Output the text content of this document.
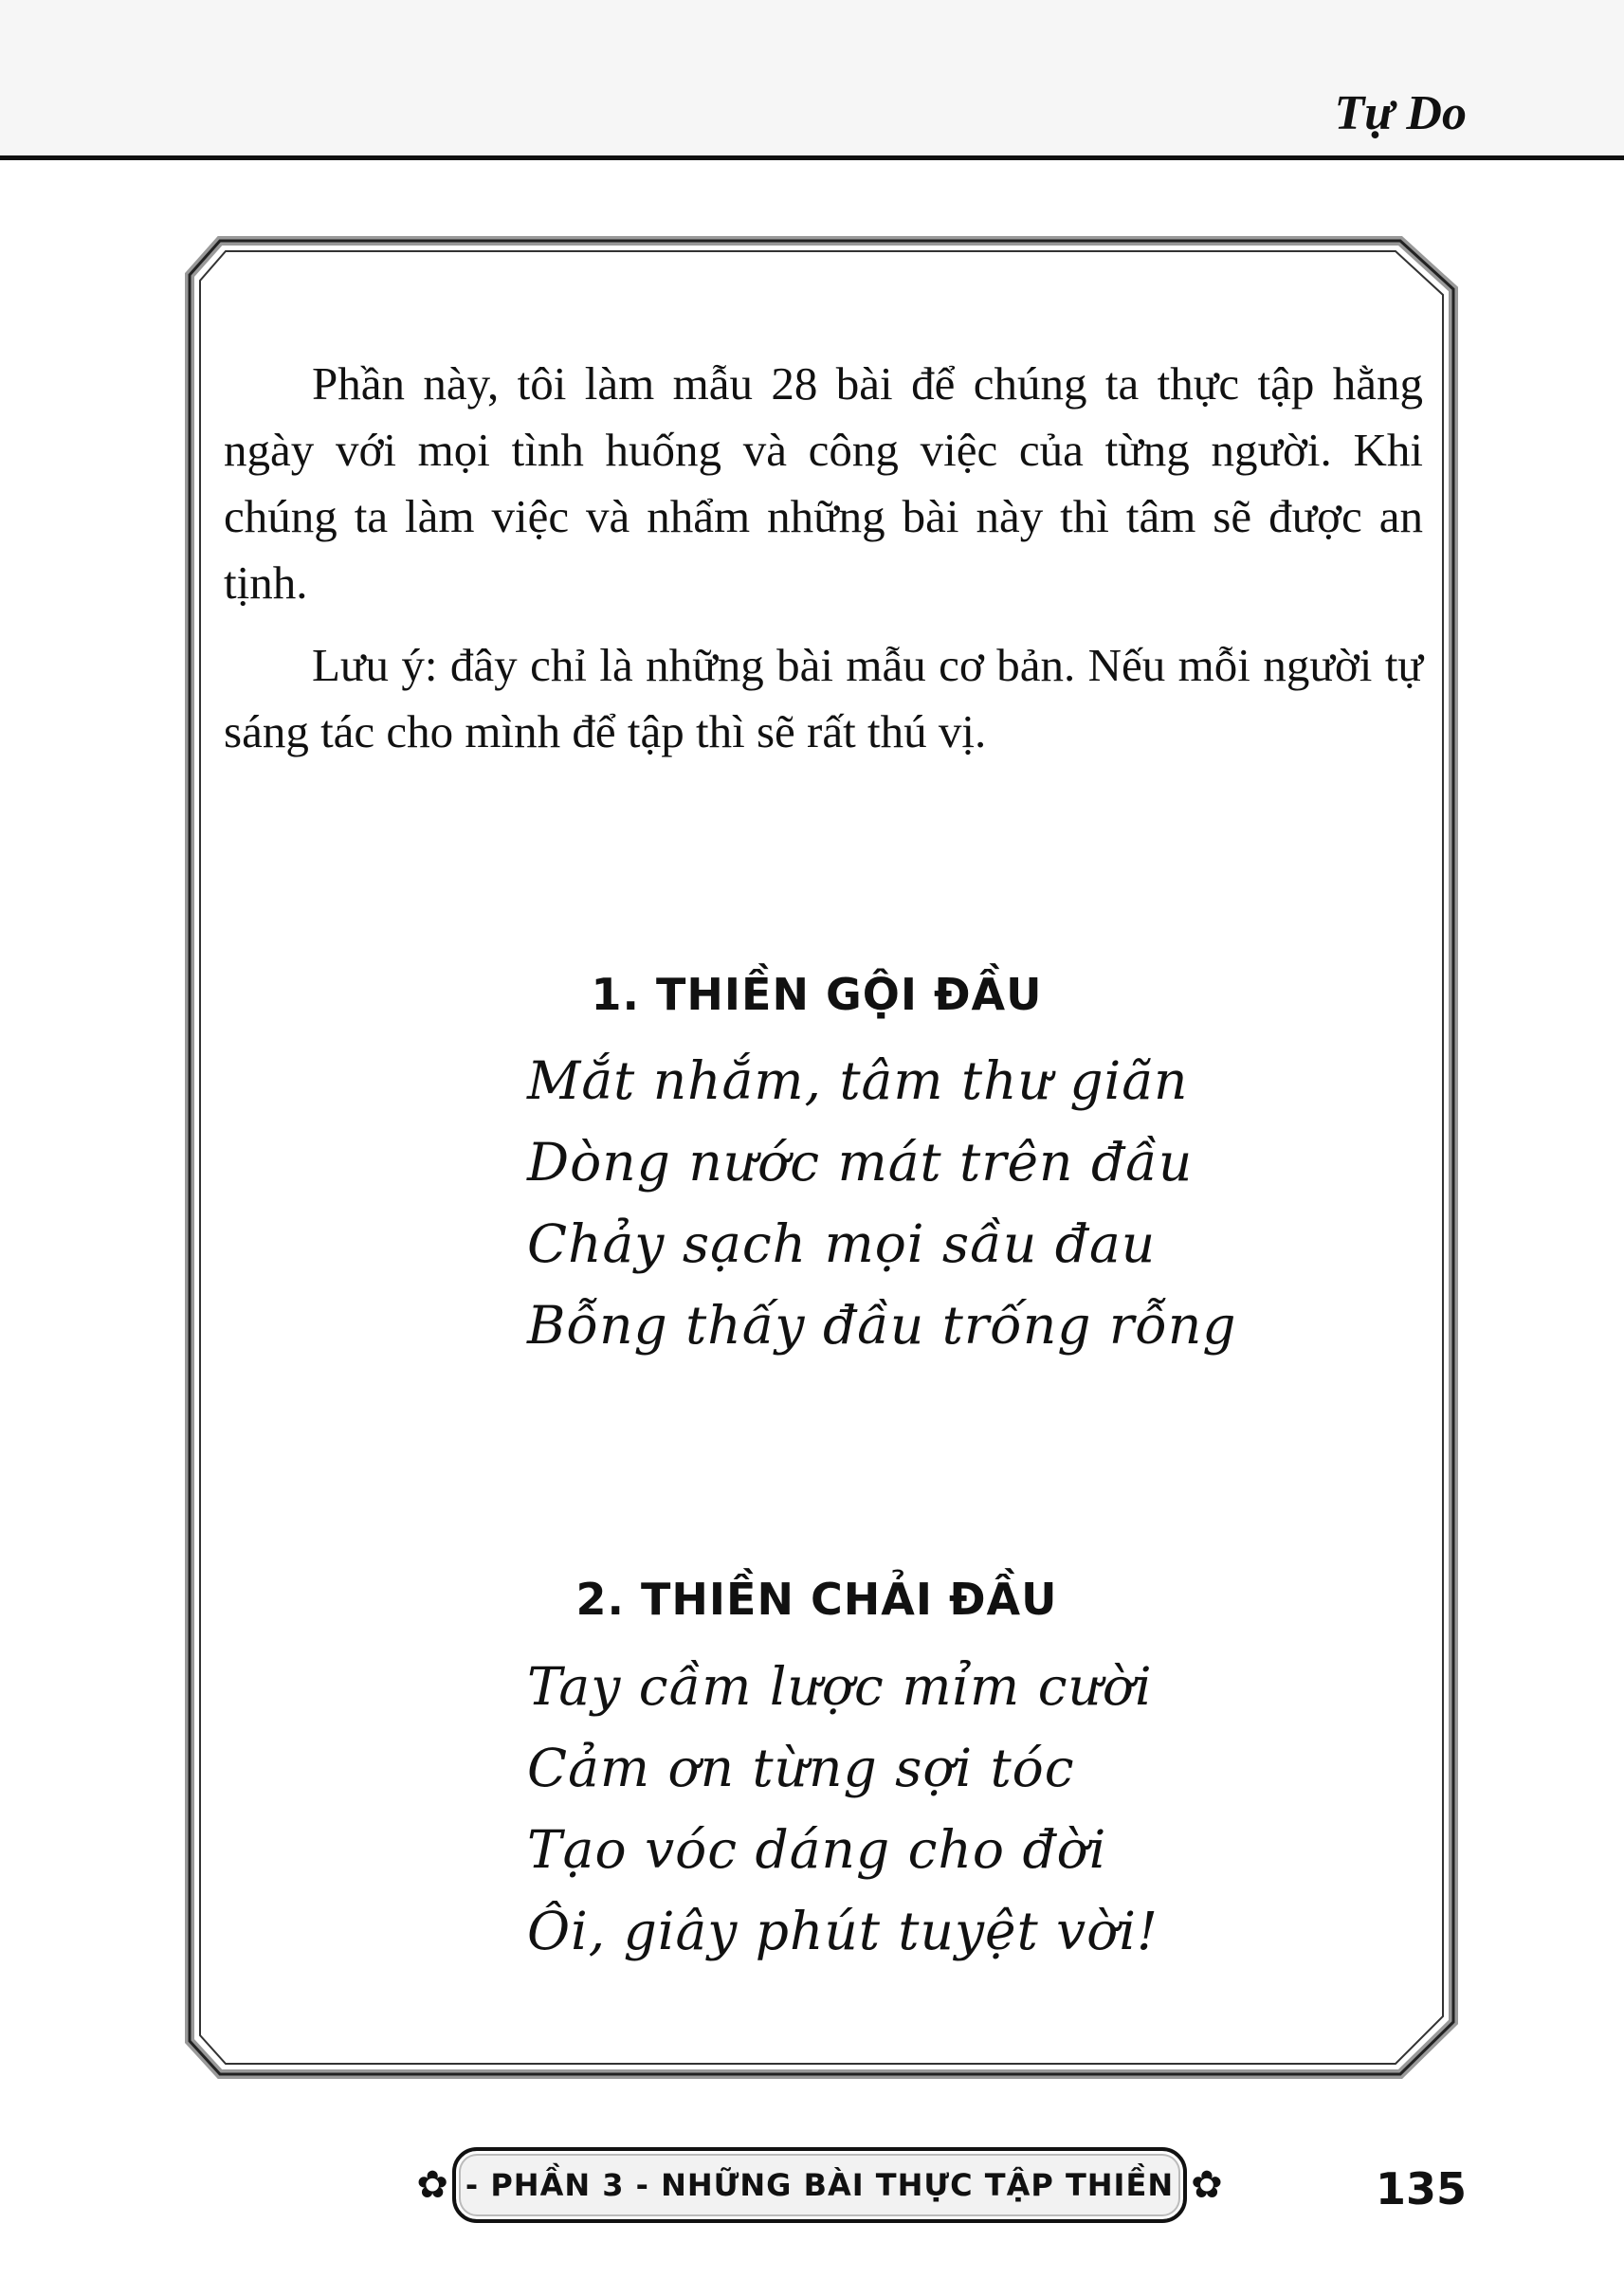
Tự Do

Phần này, tôi làm mẫu 28 bài để chúng ta thực tập hằng ngày với mọi tình huống và công việc của từng người. Khi chúng ta làm việc và nhẩm những bài này thì tâm sẽ được an tịnh.

Lưu ý: đây chỉ là những bài mẫu cơ bản. Nếu mỗi người tự sáng tác cho mình để tập thì sẽ rất thú vị.

1. THIỀN GỘI ĐẦU
Mắt nhắm, tâm thư giãn
Dòng nước mát trên đầu
Chảy sạch mọi sầu đau
Bỗng thấy đầu trống rỗng
2. THIỀN CHẢI ĐẦU
Tay cầm lược mỉm cười
Cảm ơn từng sợi tóc
Tạo vóc dáng cho đời
Ôi, giây phút tuyệt vời!
✿ - PHẦN 3 - NHỮNG BÀI THỰC TẬP THIỀN ✿	135
